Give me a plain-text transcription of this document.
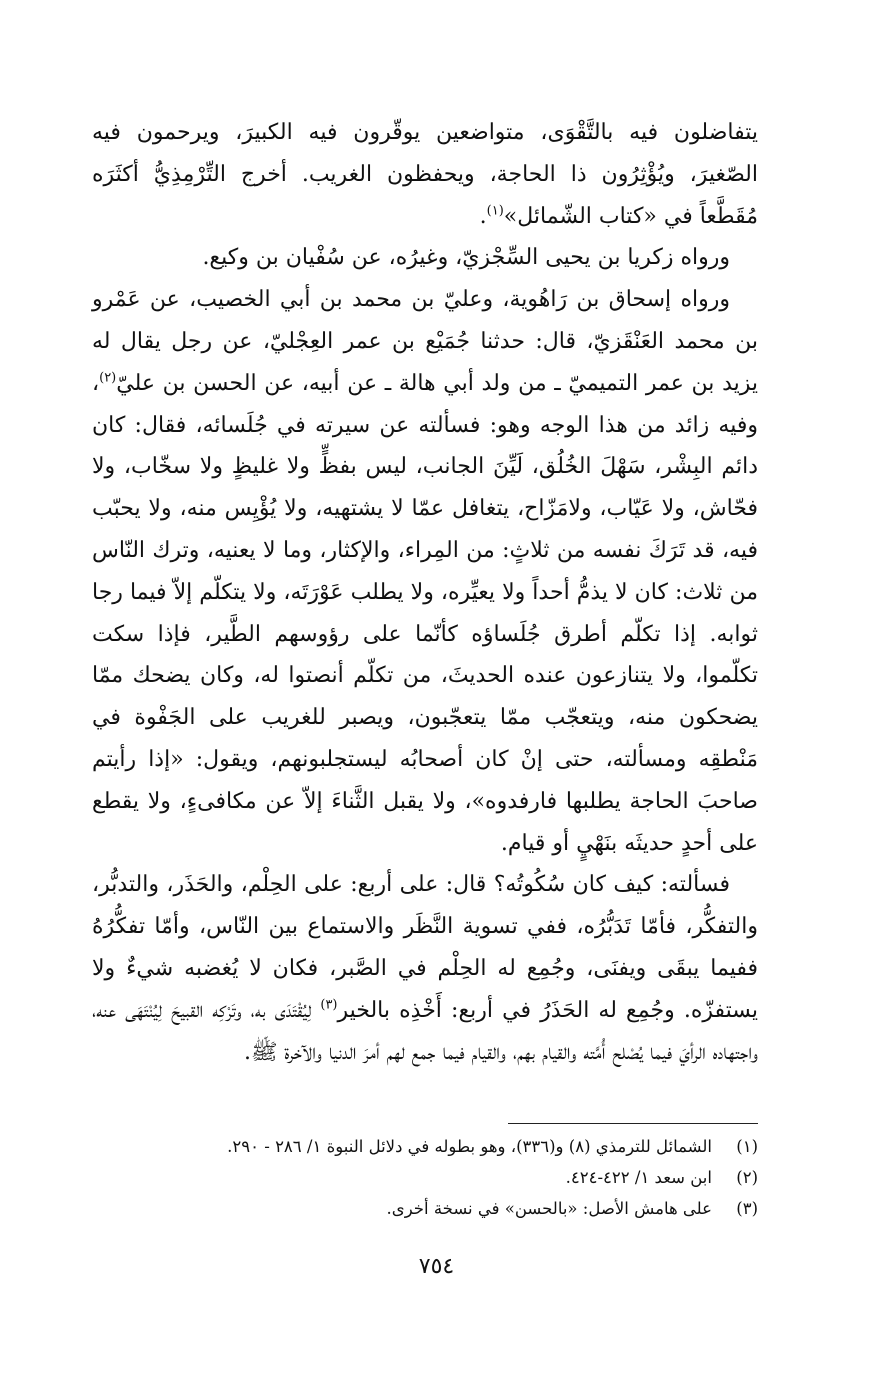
يتفاضلون فيه بالتَّقْوَى، متواضعين يوقّرون فيه الكبيرَ، ويرحمون فيه الصّغيرَ، ويُؤْثِرُون ذا الحاجة، ويحفظون الغريب. أخرج التِّرْمِذِيُّ أكثَرَه مُقَطَّعاً في «كتاب الشّمائل»$^{(١)}$.

ورواه زكريا بن يحيى السِّجْزيّ، وغيرُه، عن سُفْيان بن وكيع.

ورواه إسحاق بن رَاهُوية، وعليّ بن محمد بن أبي الخصيب، عن عَمْرو بن محمد العَنْقَزيّ، قال: حدثنا جُمَيْع بن عمر العِجْليّ، عن رجل يقال له يزيد بن عمر التميميّ ـ من ولد أبي هالة ـ عن أبيه، عن الحسن بن عليّ$^{(٢)}$، وفيه زائد من هذا الوجه وهو: فسألته عن سيرته في جُلَسائه، فقال: كان دائم البِشْر، سَهْلَ الخُلُق، لَيِّنَ الجانب، ليس بفظٍّ ولا غليظٍ ولا سخّاب، ولا فحّاش، ولا عَيّاب، ولامَزّاح، يتغافل عمّا لا يشتهيه، ولا يُؤْيِس منه، ولا يحبّب فيه، قد تَرَكَ نفسه من ثلاثٍ: من المِراء، والإكثار، وما لا يعنيه، وترك النّاس من ثلاث: كان لا يذمُّ أحداً ولا يعيِّره، ولا يطلب عَوْرَتَه، ولا يتكلّم إلاّ فيما رجا ثوابه. إذا تكلّم أطرق جُلَساؤه كأنّما على رؤوسهم الطَّير، فإذا سكت تكلّموا، ولا يتنازعون عنده الحديثَ، من تكلّم أنصتوا له، وكان يضحك ممّا يضحكون منه، ويتعجّب ممّا يتعجّبون، ويصبر للغريب على الجَفْوة في مَنْطقِه ومسألته، حتى إنْ كان أصحابُه ليستجلبونهم، ويقول: «إذا رأيتم صاحبَ الحاجة يطلبها فارفدوه»، ولا يقبل الثَّناءَ إلاّ عن مكافىءٍ، ولا يقطع على أحدٍ حديثَه بنَهْيٍ أو قيام.

فسألته: كيف كان سُكُوتُه؟ قال: على أربع: على الحِلْم، والحَذَر، والتدبُّر، والتفكُّر، فأمّا تَدَبُّرُه، ففي تسوية النَّظَر والاستماع بين النّاس، وأمّا تفكُّرُهُ ففيما يبقَى ويفنَى، وجُمِع له الحِلْم في الصَّبر، فكان لا يُغضبه شيءٌ ولا يستفزّه. وجُمِع له الحَذَرُ في أربع: أَخْذِه بالخير$^{(٣)}$ لِيُقْتَدَى به، وتَرْكِه القبيحَ لِيُنْتَهَى عنه، واجتهاده الرأيَ فيما يُصْلح أُمَّته والقيام بهم، والقيام فيما جمع لهم أمرَ الدنيا والآخرة ﷺ.

(١)الشمائل للترمذي (٨) و(٣٣٦)، وهو بطوله في دلائل النبوة ١/ ٢٨٦ - ٢٩٠.

(٢)ابن سعد ١/ ٤٢٢-٤٢٤.

(٣)على هامش الأصل: «بالحسن» في نسخة أخرى.

٧٥٤
